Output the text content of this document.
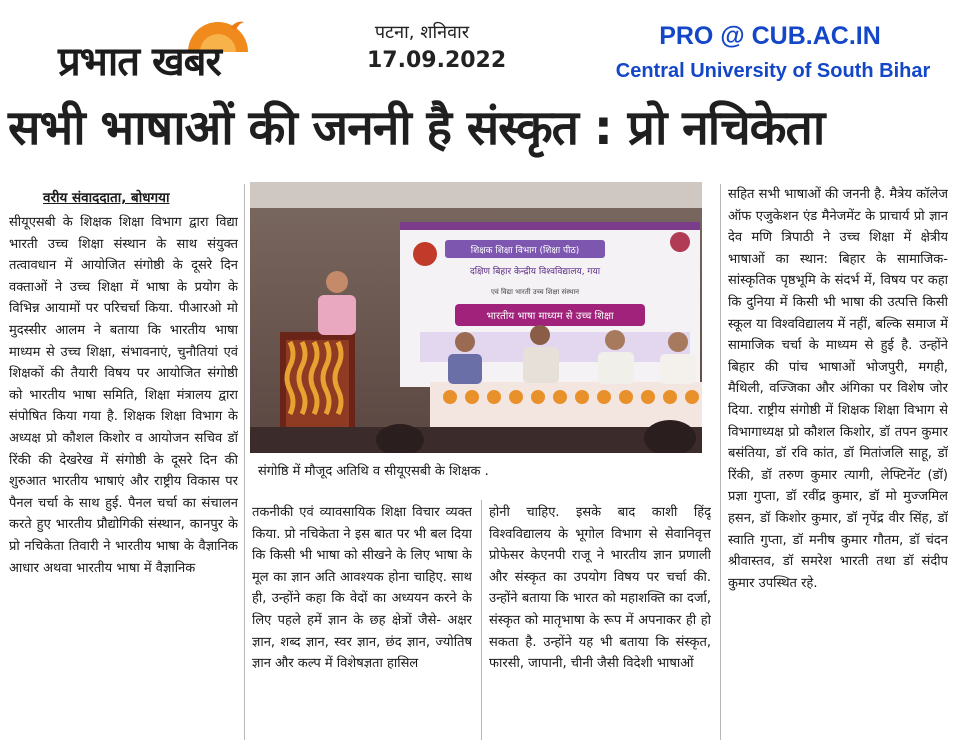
प्रभात खबर
पटना, शनिवार
17.09.2022
PRO @ CUB.AC.IN
Central University of South Bihar
सभी भाषाओं की जननी है संस्कृत : प्रो नचिकेता
वरीय संवाददाता, बोधगया

सीयूएसबी के शिक्षक शिक्षा विभाग द्वारा विद्या भारती उच्च शिक्षा संस्थान के साथ संयुक्त तत्वावधान में आयोजित संगोष्ठी के दूसरे दिन वक्ताओं ने उच्च शिक्षा में भाषा के प्रयोग के विभिन्न आयामों पर परिचर्चा किया. पीआरओ मो मुदस्सीर आलम ने बताया कि भारतीय भाषा माध्यम से उच्च शिक्षा, संभावनाएं, चुनौतियां एवं शिक्षकों की तैयारी विषय पर आयोजित संगोष्ठी को भारतीय भाषा समिति, शिक्षा मंत्रालय द्वारा संपोषित किया गया है. शिक्षक शिक्षा विभाग के अध्यक्ष प्रो कौशल किशोर व आयोजन सचिव डॉ रिंकी की देखरेख में संगोष्ठी के दूसरे दिन की शुरुआत भारतीय भाषाएं और राष्ट्रीय विकास पर पैनल चर्चा के साथ हुई. पैनल चर्चा का संचालन करते हुए भारतीय प्रौद्योगिकी संस्थान, कानपुर के प्रो नचिकेता तिवारी ने भारतीय भाषा के वैज्ञानिक आधार अथवा भारतीय भाषा में वैज्ञानिक

शिक्षक शिक्षा विभाग (शिक्षा पीठ)
दक्षिण बिहार केन्द्रीय विश्वविद्यालय, गया
एवं विद्या भारती उच्च शिक्षा संस्थान
भारतीय भाषा माध्यम से उच्च शिक्षा
संगोष्ठि में मौजूद अतिथि व सीयूएसबी के शिक्षक .

तकनीकी एवं व्यावसायिक शिक्षा विचार व्यक्त किया. प्रो नचिकेता ने इस बात पर भी बल दिया कि किसी भी भाषा को सीखने के लिए भाषा के मूल का ज्ञान अति आवश्यक होना चाहिए. साथ ही, उन्होंने कहा कि वेदों का अध्ययन करने के लिए पहले हमें ज्ञान के छह क्षेत्रों जैसे- अक्षर ज्ञान, शब्द ज्ञान, स्वर ज्ञान, छंद ज्ञान, ज्योतिष ज्ञान और कल्प में विशेषज्ञता हासिल

होनी चाहिए. इसके बाद काशी हिंदू विश्वविद्यालय के भूगोल विभाग से सेवानिवृत्त प्रोफेसर केएनपी राजू ने भारतीय ज्ञान प्रणाली और संस्कृत का उपयोग विषय पर चर्चा की. उन्होंने बताया कि भारत को महाशक्ति का दर्जा, संस्कृत को मातृभाषा के रूप में अपनाकर ही हो सकता है. उन्होंने यह भी बताया कि संस्कृत, फारसी, जापानी, चीनी जैसी विदेशी भाषाओं

सहित सभी भाषाओं की जननी है. मैत्रेय कॉलेज ऑफ एजुकेशन एंड मैनेजमेंट के प्राचार्य प्रो ज्ञान देव मणि त्रिपाठी ने उच्च शिक्षा में क्षेत्रीय भाषाओं का स्थान: बिहार के सामाजिक-सांस्कृतिक पृष्ठभूमि के संदर्भ में, विषय पर कहा कि दुनिया में किसी भी भाषा की उत्पत्ति किसी स्कूल या विश्वविद्यालय में नहीं, बल्कि समाज में सामाजिक चर्चा के माध्यम से हुई है. उन्होंने बिहार की पांच भाषाओं भोजपुरी, मगही, मैथिली, वज्जिका और अंगिका पर विशेष जोर दिया. राष्ट्रीय संगोष्ठी में शिक्षक शिक्षा विभाग से विभागाध्यक्ष प्रो कौशल किशोर, डॉ तपन कुमार बसंतिया, डॉ रवि कांत, डॉ मितांजलि साहू, डॉ रिंकी, डॉ तरुण कुमार त्यागी, लेफ्टिनेंट (डॉ) प्रज्ञा गुप्ता, डॉ रवींद्र कुमार, डॉ मो मुज्जमिल हसन, डॉ किशोर कुमार, डॉ नृपेंद्र वीर सिंह, डॉ स्वाति गुप्ता, डॉ मनीष कुमार गौतम, डॉ चंदन श्रीवास्तव, डॉ समरेश भारती तथा डॉ संदीप कुमार उपस्थित रहे.
